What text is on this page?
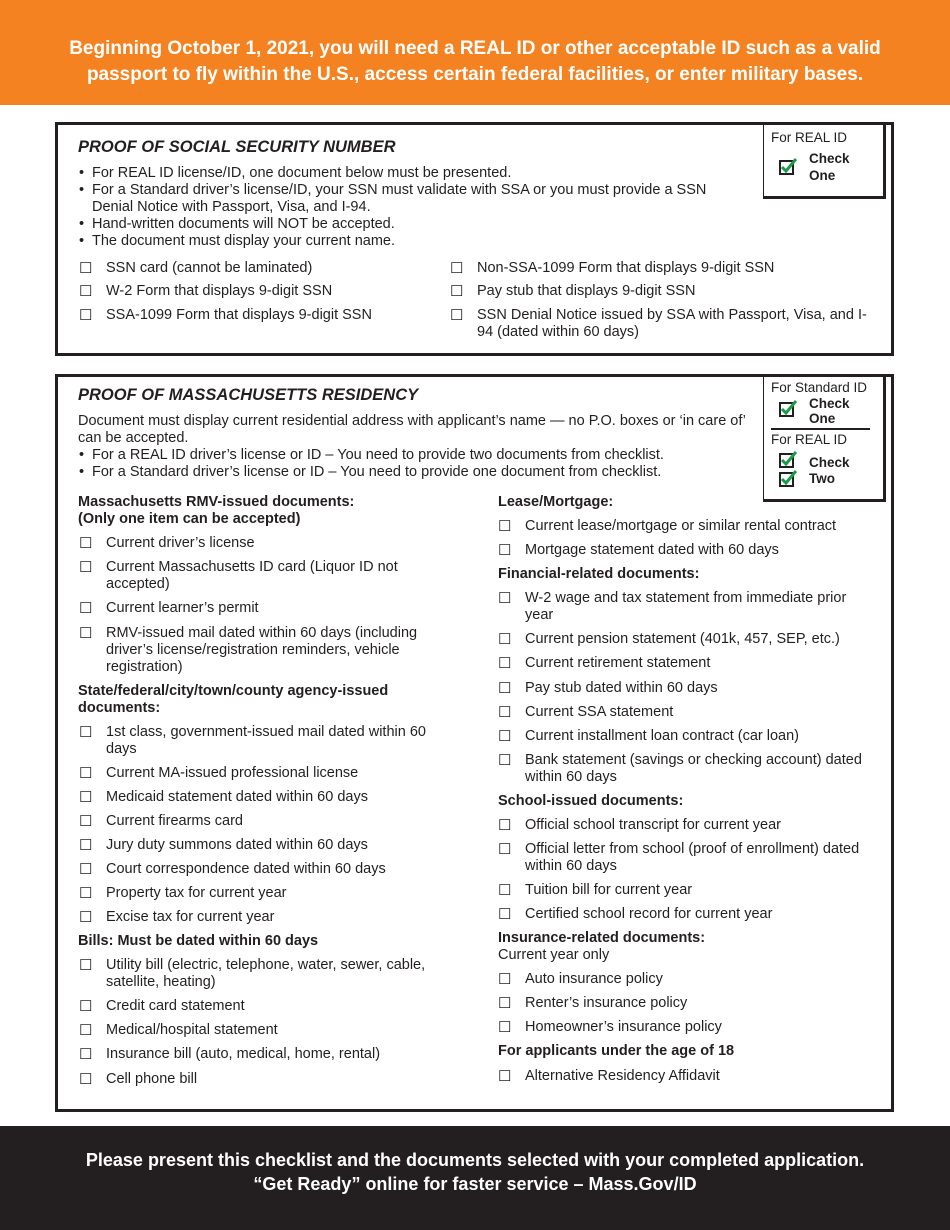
Beginning October 1, 2021, you will need a REAL ID or other acceptable ID such as a valid
passport to fly within the U.S., access certain federal facilities, or enter military bases.
PROOF OF SOCIAL SECURITY NUMBER
For REAL ID
Check
One
• For REAL ID license/ID, one document below must be presented.
• For a Standard driver’s license/ID, your SSN must validate with SSA or you must provide a SSN Denial Notice with Passport, Visa, and I-94.
• Hand-written documents will NOT be accepted.
• The document must display your current name.
☐ SSN card (cannot be laminated)
☐ W-2 Form that displays 9-digit SSN
☐ SSA-1099 Form that displays 9-digit SSN
☐ Non-SSA-1099 Form that displays 9-digit SSN
☐ Pay stub that displays 9-digit SSN
☐ SSN Denial Notice issued by SSA with Passport, Visa, and I-94 (dated within 60 days)
PROOF OF MASSACHUSETTS RESIDENCY	For Standard ID
Check
One
For REAL ID
Check
Two
Document must display current residential address with applicant’s name — no P.O. boxes or ‘in care of’ can be accepted.
• For a REAL ID driver’s license or ID – You need to provide two documents from checklist.
• For a Standard driver’s license or ID – You need to provide one document from checklist.
Massachusetts RMV-issued documents:
(Only one item can be accepted)
☐ Current driver’s license
☐ Current Massachusetts ID card (Liquor ID not accepted)
☐ Current learner’s permit
☐ RMV-issued mail dated within 60 days (including driver’s license/registration reminders, vehicle registration)
State/federal/city/town/county agency-issued documents:
☐ 1st class, government-issued mail dated within 60 days
☐ Current MA-issued professional license
☐ Medicaid statement dated within 60 days
☐ Current firearms card
☐ Jury duty summons dated within 60 days
☐ Court correspondence dated within 60 days
☐ Property tax for current year
☐ Excise tax for current year
Bills: Must be dated within 60 days
☐ Utility bill (electric, telephone, water, sewer, cable, satellite, heating)
☐ Credit card statement
☐ Medical/hospital statement
☐ Insurance bill (auto, medical, home, rental)
☐ Cell phone bill
Lease/Mortgage:
☐ Current lease/mortgage or similar rental contract
☐ Mortgage statement dated with 60 days
Financial-related documents:
☐ W-2 wage and tax statement from immediate prior year
☐ Current pension statement (401k, 457, SEP, etc.)
☐ Current retirement statement
☐ Pay stub dated within 60 days
☐ Current SSA statement
☐ Current installment loan contract (car loan)
☐ Bank statement (savings or checking account) dated within 60 days
School-issued documents:
☐ Official school transcript for current year
☐ Official letter from school (proof of enrollment) dated within 60 days
☐ Tuition bill for current year
☐ Certified school record for current year
Insurance-related documents:
Current year only
☐ Auto insurance policy
☐ Renter’s insurance policy
☐ Homeowner’s insurance policy
For applicants under the age of 18
☐ Alternative Residency Affidavit
Please present this checklist and the documents selected with your completed application.
“Get Ready” online for faster service – Mass.Gov/ID
